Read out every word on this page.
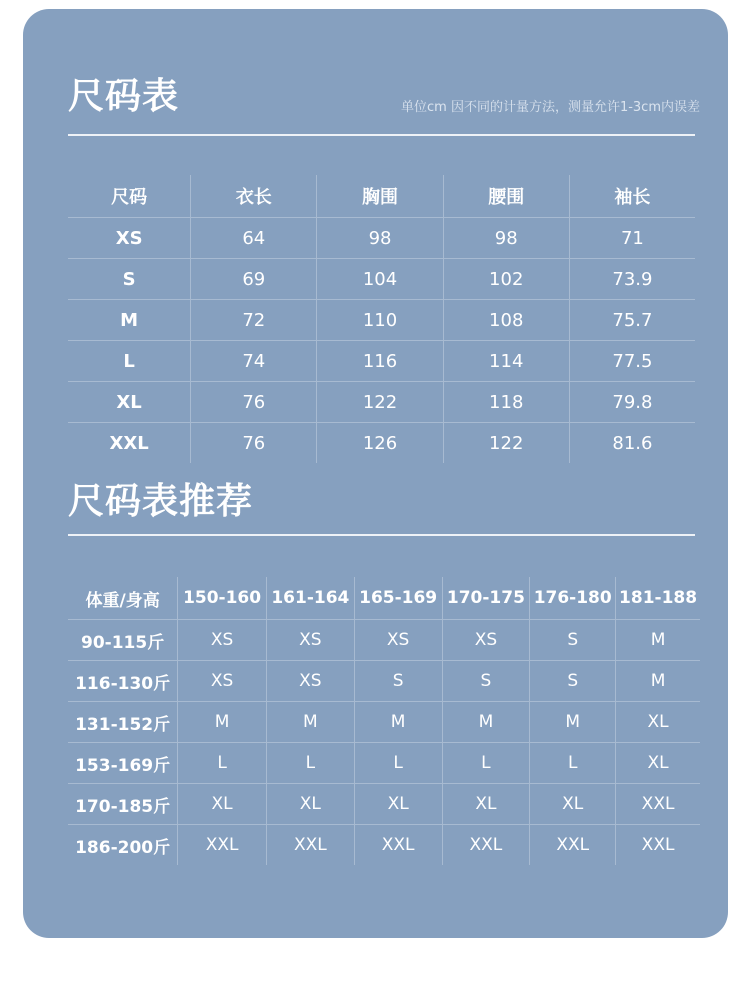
尺码表	单位cm 因不同的计量方法，测量允许1-3cm内误差
尺码	衣长	胸围	腰围	袖长
XS	64	98	98	71
S	69	104	102	73.9
M	72	110	108	75.7
L	74	116	114	77.5
XL	76	122	118	79.8
XXL	76	126	122	81.6
尺码表推荐
体重/身高	150-160 161-164 165-169 170-175 176-180 181-188
90-115斤	XS	XS	XS	XS	S	M
116-130斤	XS	XS	S	S	S	M
131-152斤	M	M	M	M	M	XL
153-169斤	L	L	L	L	L	XL
170-185斤	XL	XL	XL	XL	XL	XXL
186-200斤	XXL	XXL	XXL	XXL	XXL	XXL
